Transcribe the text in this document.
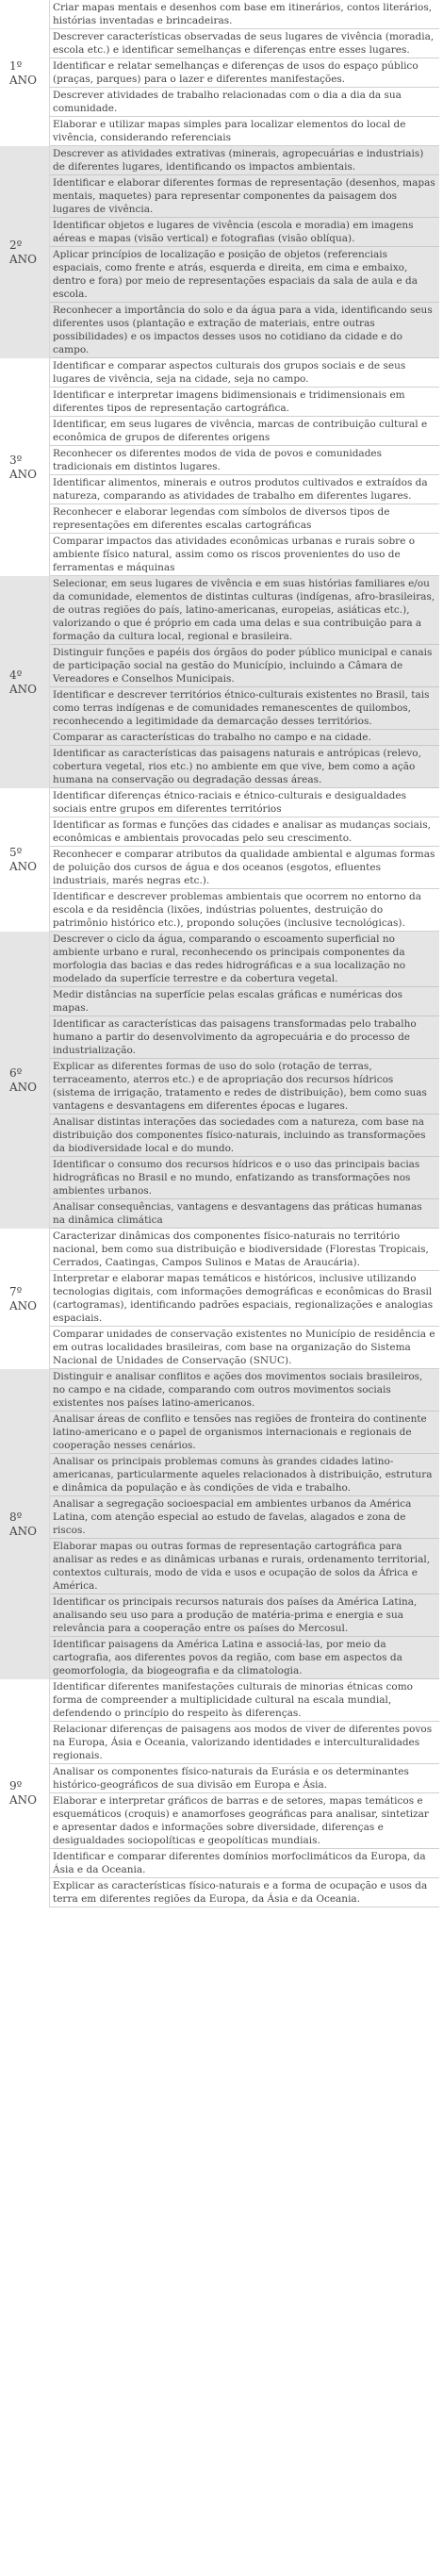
1º ANO
Criar mapas mentais e desenhos com base em itinerários, contos literários, histórias inventadas e brincadeiras.
Descrever características observadas de seus lugares de vivência (moradia, escola etc.) e identificar semelhanças e diferenças entre esses lugares.
Identificar e relatar semelhanças e diferenças de usos do espaço público (praças, parques) para o lazer e diferentes manifestações.
Descrever atividades de trabalho relacionadas com o dia a dia da sua comunidade.
Elaborar e utilizar mapas simples para localizar elementos do local de vivência, considerando referenciais
2º ANO
Descrever as atividades extrativas (minerais, agropecuárias e industriais) de diferentes lugares, identificando os impactos ambientais.
Identificar e elaborar diferentes formas de representação (desenhos, mapas mentais, maquetes) para representar componentes da paisagem dos lugares de vivência.
Identificar objetos e lugares de vivência (escola e moradia) em imagens aéreas e mapas (visão vertical) e fotografias (visão oblíqua).
Aplicar princípios de localização e posição de objetos (referenciais espaciais, como frente e atrás, esquerda e direita, em cima e embaixo, dentro e fora) por meio de representações espaciais da sala de aula e da escola.
Reconhecer a importância do solo e da água para a vida, identificando seus diferentes usos (plantação e extração de materiais, entre outras possibilidades) e os impactos desses usos no cotidiano da cidade e do campo.
3º ANO
Identificar e comparar aspectos culturais dos grupos sociais e de seus lugares de vivência, seja na cidade, seja no campo.
Identificar e interpretar imagens bidimensionais e tridimensionais em diferentes tipos de representação cartográfica.
Identificar, em seus lugares de vivência, marcas de contribuição cultural e econômica de grupos de diferentes origens
Reconhecer os diferentes modos de vida de povos e comunidades tradicionais em distintos lugares.
Identificar alimentos, minerais e outros produtos cultivados e extraídos da natureza, comparando as atividades de trabalho em diferentes lugares.
Reconhecer e elaborar legendas com símbolos de diversos tipos de representações em diferentes escalas cartográficas
Comparar impactos das atividades econômicas urbanas e rurais sobre o ambiente físico natural, assim como os riscos provenientes do uso de ferramentas e máquinas
4º ANO
Selecionar, em seus lugares de vivência e em suas histórias familiares e/ou da comunidade, elementos de distintas culturas (indígenas, afro-brasileiras, de outras regiões do país, latino-americanas, europeias, asiáticas etc.), valorizando o que é próprio em cada uma delas e sua contribuição para a formação da cultura local, regional e brasileira.
Distinguir funções e papéis dos órgãos do poder público municipal e canais de participação social na gestão do Município, incluindo a Câmara de Vereadores e Conselhos Municipais.
Identificar e descrever territórios étnico-culturais existentes no Brasil, tais como terras indígenas e de comunidades remanescentes de quilombos, reconhecendo a legitimidade da demarcação desses territórios.
Comparar as características do trabalho no campo e na cidade.
Identificar as características das paisagens naturais e antrópicas (relevo, cobertura vegetal, rios etc.) no ambiente em que vive, bem como a ação humana na conservação ou degradação dessas áreas.
5º ANO
Identificar diferenças étnico-raciais e étnico-culturais e desigualdades sociais entre grupos em diferentes territórios
Identificar as formas e funções das cidades e analisar as mudanças sociais, econômicas e ambientais provocadas pelo seu crescimento.
Reconhecer e comparar atributos da qualidade ambiental e algumas formas de poluição dos cursos de água e dos oceanos (esgotos, efluentes industriais, marés negras etc.).
Identificar e descrever problemas ambientais que ocorrem no entorno da escola e da residência (lixões, indústrias poluentes, destruição do patrimônio histórico etc.), propondo soluções (inclusive tecnológicas).
6º ANO
Descrever o ciclo da água, comparando o escoamento superficial no ambiente urbano e rural, reconhecendo os principais componentes da morfologia das bacias e das redes hidrográficas e a sua localização no modelado da superfície terrestre e da cobertura vegetal.
Medir distâncias na superfície pelas escalas gráficas e numéricas dos mapas.
Identificar as características das paisagens transformadas pelo trabalho humano a partir do desenvolvimento da agropecuária e do processo de industrialização.
Explicar as diferentes formas de uso do solo (rotação de terras, terraceamento, aterros etc.) e de apropriação dos recursos hídricos (sistema de irrigação, tratamento e redes de distribuição), bem como suas vantagens e desvantagens em diferentes épocas e lugares.
Analisar distintas interações das sociedades com a natureza, com base na distribuição dos componentes físico-naturais, incluindo as transformações da biodiversidade local e do mundo.
Identificar o consumo dos recursos hídricos e o uso das principais bacias hidrográficas no Brasil e no mundo, enfatizando as transformações nos ambientes urbanos.
Analisar consequências, vantagens e desvantagens das práticas humanas na dinâmica climática
7º ANO
Caracterizar dinâmicas dos componentes físico-naturais no território nacional, bem como sua distribuição e biodiversidade (Florestas Tropicais, Cerrados, Caatingas, Campos Sulinos e Matas de Araucária).
Interpretar e elaborar mapas temáticos e históricos, inclusive utilizando tecnologias digitais, com informações demográficas e econômicas do Brasil (cartogramas), identificando padrões espaciais, regionalizações e analogias espaciais.
Comparar unidades de conservação existentes no Município de residência e em outras localidades brasileiras, com base na organização do Sistema Nacional de Unidades de Conservação (SNUC).
8º ANO
Distinguir e analisar conflitos e ações dos movimentos sociais brasileiros, no campo e na cidade, comparando com outros movimentos sociais existentes nos países latino-americanos.
Analisar áreas de conflito e tensões nas regiões de fronteira do continente latino-americano e o papel de organismos internacionais e regionais de cooperação nesses cenários.
Analisar os principais problemas comuns às grandes cidades latino-americanas, particularmente aqueles relacionados à distribuição, estrutura e dinâmica da população e às condições de vida e trabalho.
Analisar a segregação socioespacial em ambientes urbanos da América Latina, com atenção especial ao estudo de favelas, alagados e zona de riscos.
Elaborar mapas ou outras formas de representação cartográfica para analisar as redes e as dinâmicas urbanas e rurais, ordenamento territorial, contextos culturais, modo de vida e usos e ocupação de solos da África e América.
Identificar os principais recursos naturais dos países da América Latina, analisando seu uso para a produção de matéria-prima e energia e sua relevância para a cooperação entre os países do Mercosul.
Identificar paisagens da América Latina e associá-las, por meio da cartografia, aos diferentes povos da região, com base em aspectos da geomorfologia, da biogeografia e da climatologia.
9º ANO
Identificar diferentes manifestações culturais de minorias étnicas como forma de compreender a multiplicidade cultural na escala mundial, defendendo o princípio do respeito às diferenças.
Relacionar diferenças de paisagens aos modos de viver de diferentes povos na Europa, Ásia e Oceania, valorizando identidades e interculturalidades regionais.
Analisar os componentes físico-naturais da Eurásia e os determinantes histórico-geográficos de sua divisão em Europa e Ásia.
Elaborar e interpretar gráficos de barras e de setores, mapas temáticos e esquemáticos (croquis) e anamorfoses geográficas para analisar, sintetizar e apresentar dados e informações sobre diversidade, diferenças e desigualdades sociopolíticas e geopolíticas mundiais.
Identificar e comparar diferentes domínios morfoclimáticos da Europa, da Ásia e da Oceania.
Explicar as características físico-naturais e a forma de ocupação e usos da terra em diferentes regiões da Europa, da Ásia e da Oceania.
